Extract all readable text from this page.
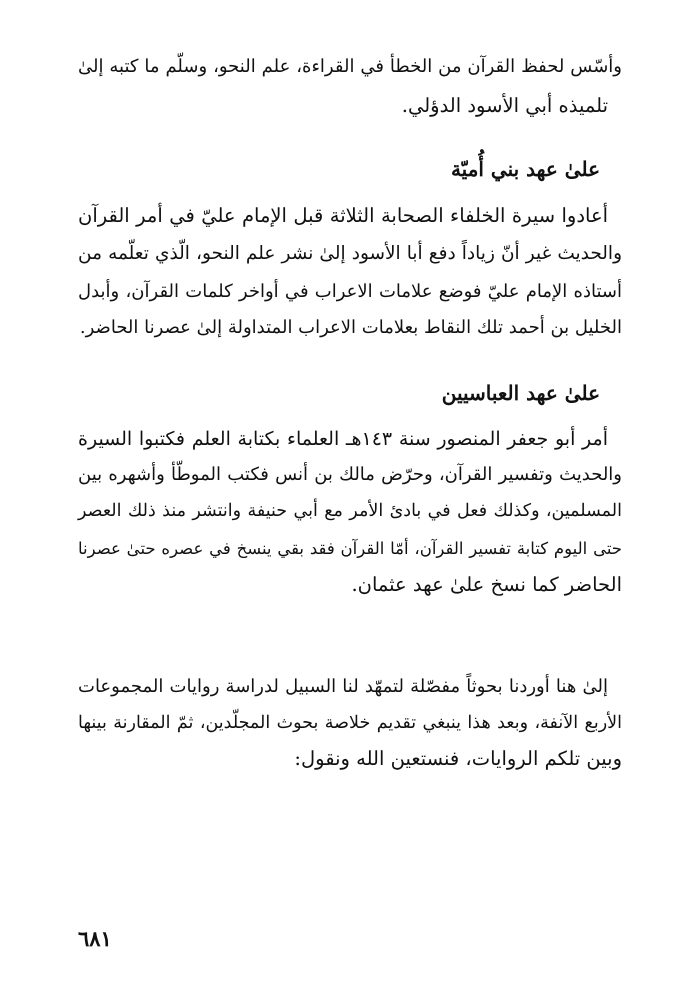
وأسّس لحفظ القرآن من الخطأ في القراءة، علم النحو، وسلّم ما كتبه إلىٰ
تلميذه أبي الأسود الدؤلي.
علىٰ عهد بني أُميّة
أعادوا سيرة الخلفاء الصحابة الثلاثة قبل الإمام عليّ في أمر القرآن
والحديث غير أنّ زياداً دفع أبا الأسود إلىٰ نشر علم النحو، الّذي تعلّمه من
أستاذه الإمام عليّ فوضع علامات الاعراب في أواخر كلمات القرآن، وأبدل
الخليل بن أحمد تلك النقاط بعلامات الاعراب المتداولة إلىٰ عصرنا الحاضر.
علىٰ عهد العباسيين
أمر أبو جعفر المنصور سنة ١٤٣هـ العلماء بكتابة العلم فكتبوا السيرة
والحديث وتفسير القرآن، وحرّض مالك بن أنس فكتب الموطّأ وأشهره بين
المسلمين، وكذلك فعل في بادئ الأمر مع أبي حنيفة وانتشر منذ ذلك العصر
حتى اليوم كتابة تفسير القرآن، أمّا القرآن فقد بقي ينسخ في عصره حتىٰ عصرنا
الحاضر كما نسخ علىٰ عهد عثمان.
إلىٰ هنا أوردنا بحوثاً مفصّلة لتمهّد لنا السبيل لدراسة روايات المجموعات
الأربع الآنفة، وبعد هذا ينبغي تقديم خلاصة بحوث المجلّدين، ثمّ المقارنة بينها
وبين تلكم الروايات، فنستعين الله ونقول:
٦٨١
